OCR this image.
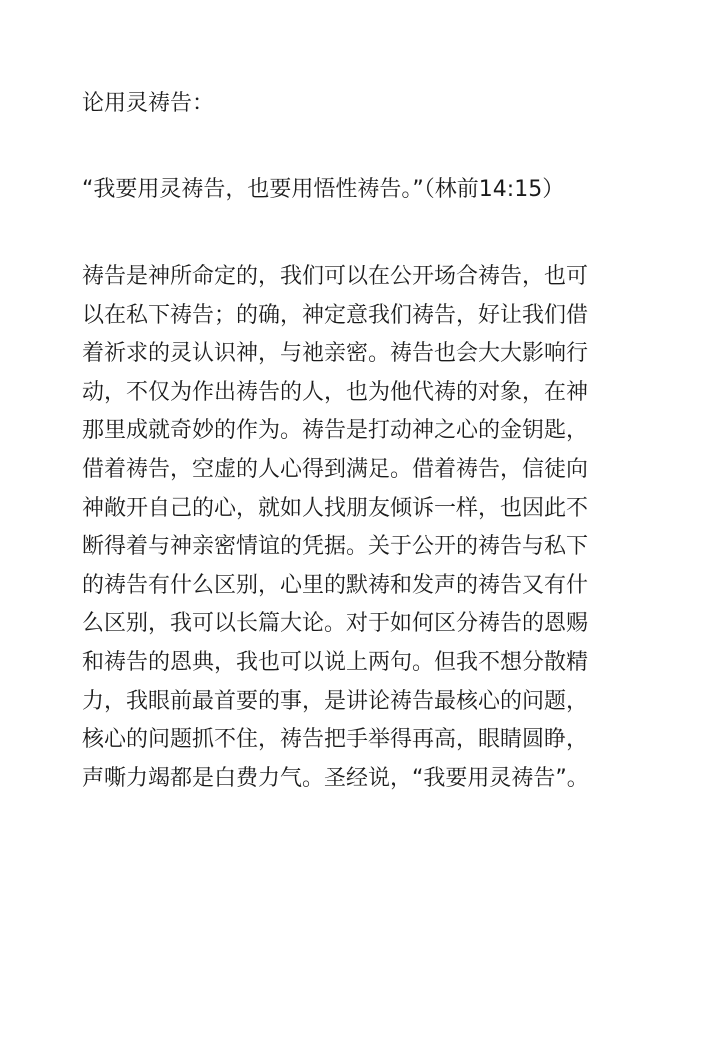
论用灵祷告：
“我要用灵祷告，也要用悟性祷告。”（林前14:15）
祷告是神所命定的，我们可以在公开场合祷告，也可
以在私下祷告；的确，神定意我们祷告，好让我们借
着祈求的灵认识神，与祂亲密。祷告也会大大影响行
动，不仅为作出祷告的人，也为他代祷的对象，在神
那里成就奇妙的作为。祷告是打动神之心的金钥匙，
借着祷告，空虚的人心得到满足。借着祷告，信徒向
神敞开自己的心，就如人找朋友倾诉一样，也因此不
断得着与神亲密情谊的凭据。关于公开的祷告与私下
的祷告有什么区别，心里的默祷和发声的祷告又有什
么区别，我可以长篇大论。对于如何区分祷告的恩赐
和祷告的恩典，我也可以说上两句。但我不想分散精
力，我眼前最首要的事，是讲论祷告最核心的问题，
核心的问题抓不住，祷告把手举得再高，眼睛圆睁，
声嘶力竭都是白费力气。圣经说，“我要用灵祷告”。
